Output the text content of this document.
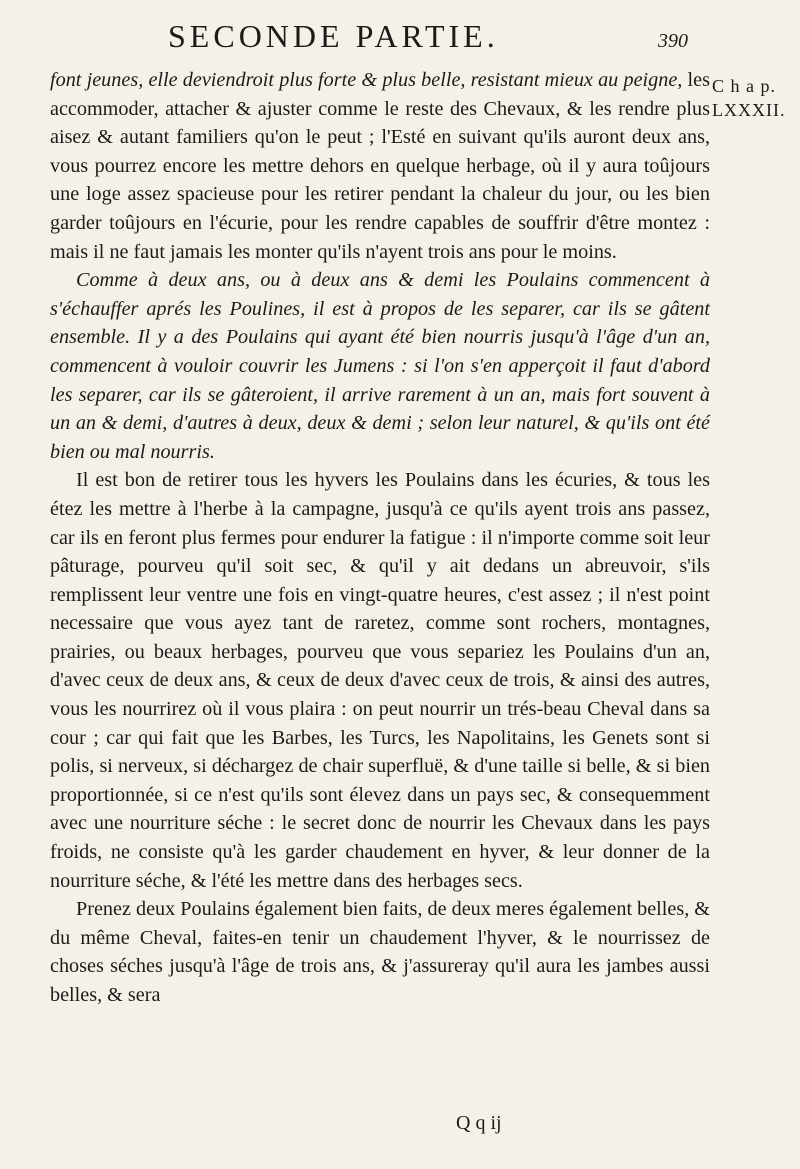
SECONDE PARTIE.	390
C h a p.
LXXXII.

font jeunes, elle deviendroit plus forte & plus belle, resistant mieux au peigne, les accommoder, attacher & ajuster comme le reste des Chevaux, & les rendre plus aisez & autant familiers qu'on le peut ; l'Esté en suivant qu'ils auront deux ans, vous pourrez encore les mettre dehors en quelque herbage, où il y aura toûjours une loge assez spacieuse pour les retirer pendant la chaleur du jour, ou les bien garder toûjours en l'écurie, pour les rendre capables de souffrir d'être montez : mais il ne faut jamais les monter qu'ils n'ayent trois ans pour le moins.

Comme à deux ans, ou à deux ans & demi les Poulains commencent à s'échauffer aprés les Poulines, il est à propos de les separer, car ils se gâtent ensemble. Il y a des Poulains qui ayant été bien nourris jusqu'à l'âge d'un an, commencent à vouloir couvrir les Jumens : si l'on s'en apperçoit il faut d'abord les separer, car ils se gâteroient, il arrive rarement à un an, mais fort souvent à un an & demi, d'autres à deux, deux & demi ; selon leur naturel, & qu'ils ont été bien ou mal nourris.

Il est bon de retirer tous les hyvers les Poulains dans les écuries, & tous les étez les mettre à l'herbe à la campagne, jusqu'à ce qu'ils ayent trois ans passez, car ils en feront plus fermes pour endurer la fatigue : il n'importe comme soit leur pâturage, pourveu qu'il soit sec, & qu'il y ait dedans un abreuvoir, s'ils remplissent leur ventre une fois en vingt-quatre heures, c'est assez ; il n'est point necessaire que vous ayez tant de raretez, comme sont rochers, montagnes, prairies, ou beaux herbages, pourveu que vous separiez les Poulains d'un an, d'avec ceux de deux ans, & ceux de deux d'avec ceux de trois, & ainsi des autres, vous les nourrirez où il vous plaira : on peut nourrir un trés-beau Cheval dans sa cour ; car qui fait que les Barbes, les Turcs, les Napolitains, les Genets sont si polis, si nerveux, si déchargez de chair superfluë, & d'une taille si belle, & si bien proportionnée, si ce n'est qu'ils sont élevez dans un pays sec, & consequemment avec une nourriture séche : le secret donc de nourrir les Chevaux dans les pays froids, ne consiste qu'à les garder chaudement en hyver, & leur donner de la nourriture séche, & l'été les mettre dans des herbages secs.

Prenez deux Poulains également bien faits, de deux meres également belles, & du même Cheval, faites-en tenir un chaudement l'hyver, & le nourrissez de choses séches jusqu'à l'âge de trois ans, & j'assureray qu'il aura les jambes aussi belles, & sera

Q q ij
